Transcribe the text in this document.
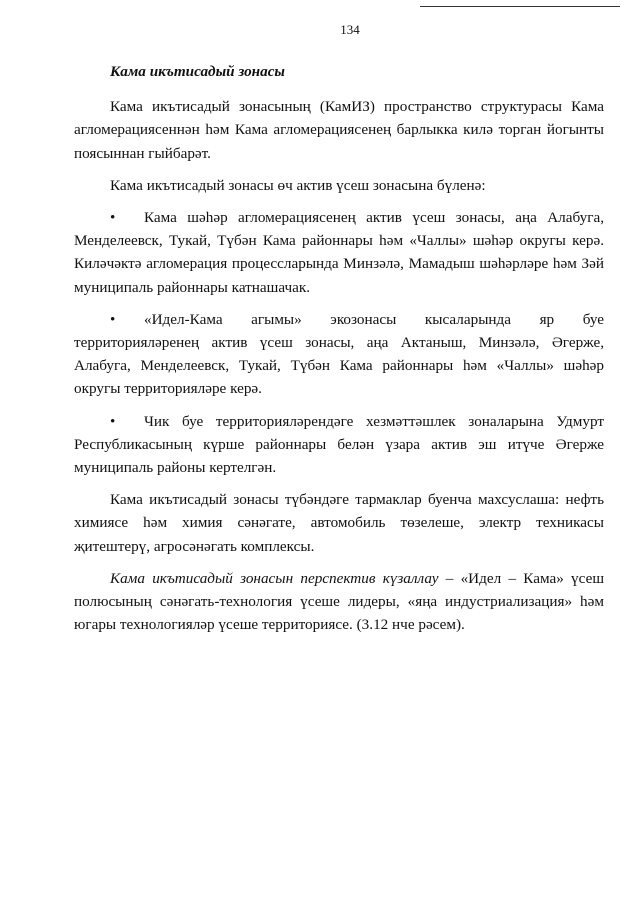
134
Кама икътисадый зонасы

Кама икътисадый зонасының (КамИЗ) пространство структурасы Кама агломерациясеннән һәм Кама агломерациясенең барлыкка килә торган йогынты поясыннан гыйбарәт.

Кама икътисадый зонасы өч актив үсеш зонасына бүленә:

• Кама шәһәр агломерациясенең актив үсеш зонасы, аңа Алабуга, Менделеевск, Тукай, Түбән Кама районнары һәм «Чаллы» шәһәр округы керә. Киләчәктә агломерация процессларында Минзәлә, Мамадыш шәһәрләре һәм Зәй муниципаль районнары катнашачак.
• «Идел-Кама агымы» экозонасы кысаларында яр буе территорияләренең актив үсеш зонасы, аңа Актаныш, Минзәлә, Әгерже, Алабуга, Менделеевск, Тукай, Түбән Кама районнары һәм «Чаллы» шәһәр округы территорияләре керә.
• Чик буе территорияләрендәге хезмәттәшлек зоналарына Удмурт Республикасының күрше районнары белән үзара актив эш итүче Әгерже муниципаль районы кертелгән.

Кама икътисадый зонасы түбәндәге тармаклар буенча махсуслаша: нефть химиясе һәм химия сәнәгате, автомобиль төзелеше, электр техникасы җитештерү, агросәнәгать комплексы.

Кама икътисадый зонасын перспектив күзаллау – «Идел – Кама» үсеш полюсының сәнәгать-технология үсеше лидеры, «яңа индустриализация» һәм югары технологияләр үсеше территориясе. (3.12 нче рәсем).
